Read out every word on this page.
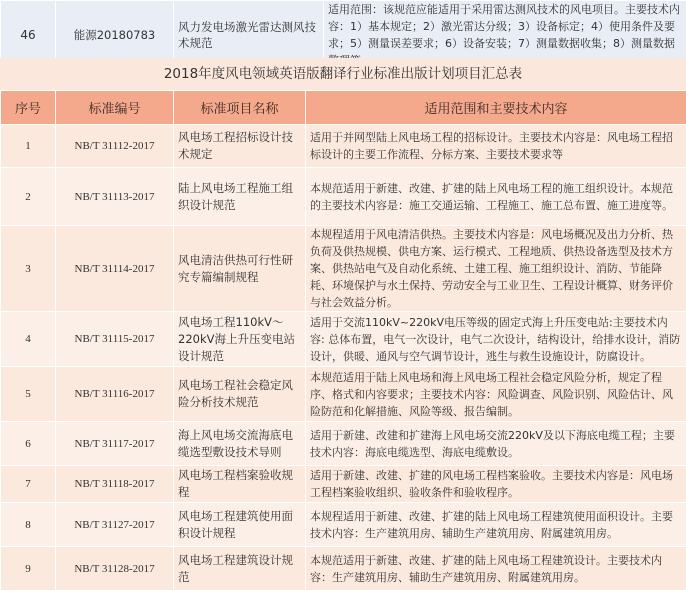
46	能源20180783	风力发电场激光雷达测风技术规范	适用范围：该规范应能适用于采用雷达测风技术的风电项目。主要技术内容：1）基本规定；2）激光雷达分级；3）设备标定；4）使用条件及要求；5）测量误差要求；6）设备安装；7）测量数据收集；8）测量数据
2018年度风电领域英语版翻译行业标准出版计划项目汇总表
序号	标准编号	标准项目名称	适用范围和主要技术内容
1	NB/T 31112-2017	风电场工程招标设计技术规定	适用于并网型陆上风电场工程的招标设计。主要技术内容是：风电场工程招标设计的主要工作流程、分标方案、主要技术要求等
2	NB/T 31113-2017	陆上风电场工程施工组织设计规范	本规范适用于新建、改建、扩建的陆上风电场工程的施工组织设计。本规范的主要技术内容是：施工交通运输、工程施工、施工总布置、施工进度等。
3	NB/T 31114-2017	风电清洁供热可行性研究专篇编制规程	本规程适用于风电清洁供热。主要技术内容是：风电场概况及出力分析、热负荷及供热规模、供电方案、运行模式、工程地质、供热设备选型及技术方案、供热站电气及自动化系统、土建工程、施工组织设计、消防、节能降耗、环境保护与水土保持、劳动安全与工业卫生、工程设计概算、财务评价与社会效益分析。
4	NB/T 31115-2017	风电场工程110kV～220kV海上升压变电站设计规范	适用于交流110kV~220kV电压等级的固定式海上升压变电站:主要技术内容: 总体布置，电气一次设计，电气二次设计，结构设计，给排水设计，消防设计，供暖、通风与空气调节设计，逃生与救生设施设计，防腐设计。
5	NB/T 31116-2017	风电场工程社会稳定风险分析技术规范	本规范适用于陆上风电场和海上风电场工程社会稳定风险分析，规定了程序、格式和内容要求；主要技术内容：风险调查、风险识别、风险估计、风险防范和化解措施、风险等级、报告编制。
6	NB/T 31117-2017	海上风电场交流海底电缆选型敷设技术导则	适用于新建、改建和扩建海上风电场交流220kV及以下海底电缆工程；主要技术内容：海底电缆选型、海底电缆敷设。
7	NB/T 31118-2017	风电场工程档案验收规程	适用于新建、改建、扩建的风电场工程档案验收。主要技术内容是：风电场工程档案验收组织、验收条件和验收程序。
8	NB/T 31127-2017	风电场工程建筑使用面积设计规程	本规程适用于新建、改建、扩建的陆上风电场工程建筑使用面积设计。主要技术内容：生产建筑用房、辅助生产建筑用房、附属建筑用房。
9	NB/T 31128-2017	风电场工程建筑设计规范	本规范适用于新建、改建、扩建的陆上风电场工程建筑设计。主要技术内容：生产建筑用房、辅助生产建筑用房、附属建筑用房。
